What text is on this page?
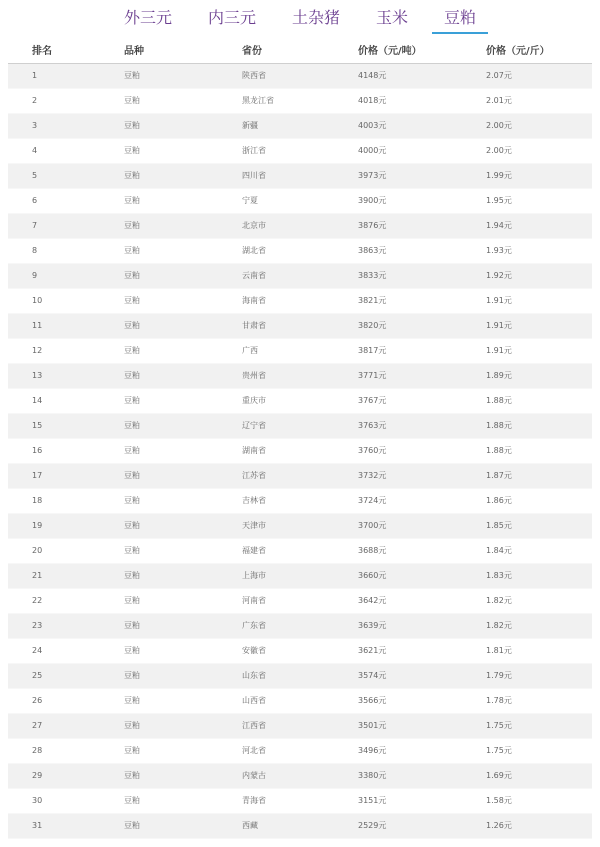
外三元	内三元	土杂猪	玉米	豆粕
排名	品种	省份	价格（元/吨）	价格（元/斤）
1	豆粕	陕西省	4148元	2.07元
2	豆粕	黑龙江省	4018元	2.01元
3	豆粕	新疆	4003元	2.00元
4	豆粕	浙江省	4000元	2.00元
5	豆粕	四川省	3973元	1.99元
6	豆粕	宁夏	3900元	1.95元
7	豆粕	北京市	3876元	1.94元
8	豆粕	湖北省	3863元	1.93元
9	豆粕	云南省	3833元	1.92元
10	豆粕	海南省	3821元	1.91元
11	豆粕	甘肃省	3820元	1.91元
12	豆粕	广西	3817元	1.91元
13	豆粕	贵州省	3771元	1.89元
14	豆粕	重庆市	3767元	1.88元
15	豆粕	辽宁省	3763元	1.88元
16	豆粕	湖南省	3760元	1.88元
17	豆粕	江苏省	3732元	1.87元
18	豆粕	吉林省	3724元	1.86元
19	豆粕	天津市	3700元	1.85元
20	豆粕	福建省	3688元	1.84元
21	豆粕	上海市	3660元	1.83元
22	豆粕	河南省	3642元	1.82元
23	豆粕	广东省	3639元	1.82元
24	豆粕	安徽省	3621元	1.81元
25	豆粕	山东省	3574元	1.79元
26	豆粕	山西省	3566元	1.78元
27	豆粕	江西省	3501元	1.75元
28	豆粕	河北省	3496元	1.75元
29	豆粕	内蒙古	3380元	1.69元
30	豆粕	青海省	3151元	1.58元
31	豆粕	西藏	2529元	1.26元
